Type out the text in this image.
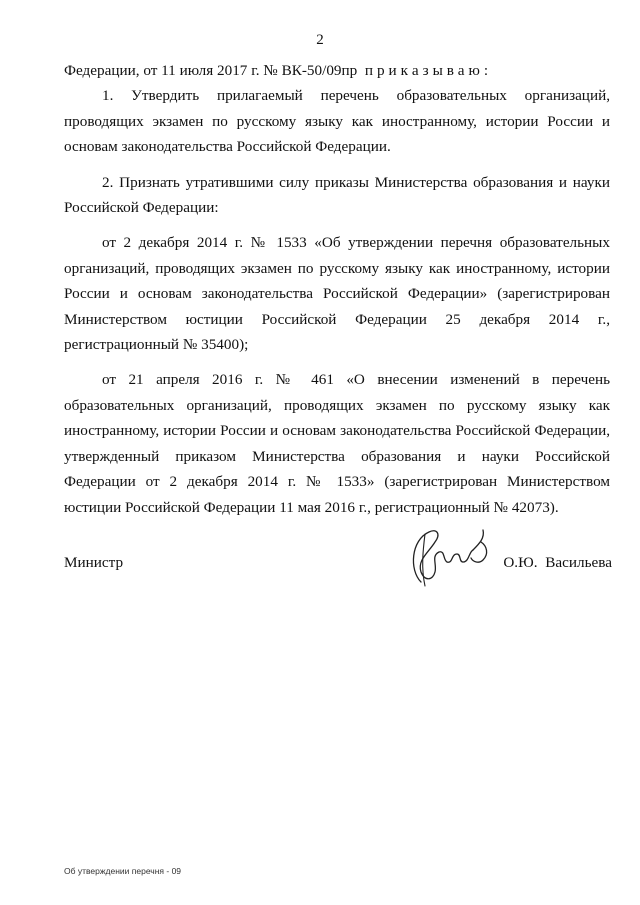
2

Федерации, от 11 июля 2017 г. № ВК-50/09пр приказываю:

1. Утвердить прилагаемый перечень образовательных организаций, проводящих экзамен по русскому языку как иностранному, истории России и основам законодательства Российской Федерации.

2. Признать утратившими силу приказы Министерства образования и науки Российской Федерации:

от 2 декабря 2014 г. № 1533 «Об утверждении перечня образовательных организаций, проводящих экзамен по русскому языку как иностранному, истории России и основам законодательства Российской Федерации» (зарегистрирован Министерством юстиции Российской Федерации 25 декабря 2014 г., регистрационный № 35400);

от 21 апреля 2016 г. № 461 «О внесении изменений в перечень образовательных организаций, проводящих экзамен по русскому языку как иностранному, истории России и основам законодательства Российской Федерации, утвержденный приказом Министерства образования и науки Российской Федерации от 2 декабря 2014 г. № 1533» (зарегистрирован Министерством юстиции Российской Федерации 11 мая 2016 г., регистрационный № 42073).

Министр	О.Ю. Васильева
Об утверждении перечня - 09
